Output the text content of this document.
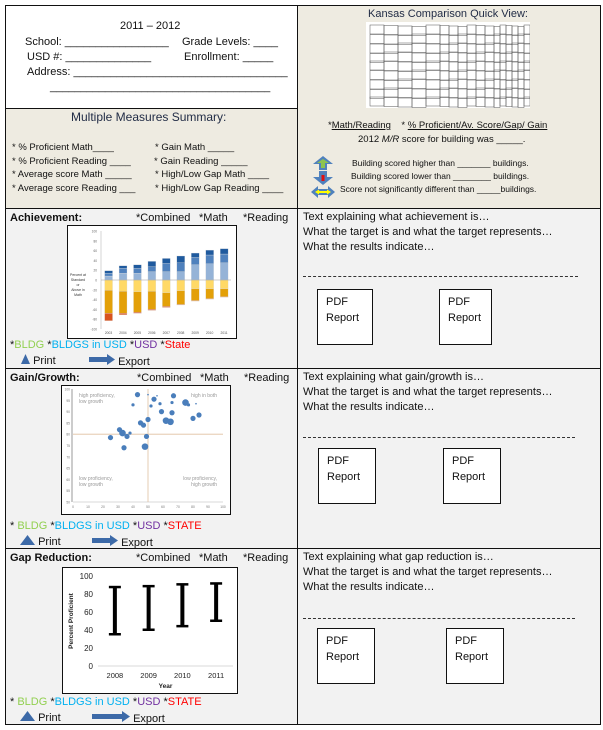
2011 – 2012
School: _________________ Grade Levels: ____
USD #: ______________	Enrollment: _____
Address: ___________________________________
____________________________________
Multiple Measures Summary:
* % Proficient Math____
* % Proficient Reading ____
* Average score Math _____
* Average score Reading ___
* Gain Math _____
* Gain Reading _____
* High/Low Gap Math ____
* High/Low Gap Reading ____
Kansas Comparison Quick View:
*Math/Reading    * % Proficient/Av. Score/Gap/ Gain
2012 M/R score for building was _____.
Building scored higher than _______ buildings.
Building scored lower than ________ buildings.
Score not significantly different than _____buildings.
Achievement:	*Combined *Math *Reading
100
80
60
40
20
0
-20
-40
-60
-80
-100
Percent at Standard or Above in Math
2003 2004 2005 2006 2007 2008 2009 2010 2011
*BLDG *BLDGS in USD *USD *State
Print	Export
Text explaining what achievement is…
What the target is and what the target represents…
What the results indicate…
PDF
Report
PDF
Report
Gain/Growth:	*Combined *Math *Reading
50
55
60
65
70
75
80
85
90
95
100
0	10	20	30	40	50	60	70	80	90	100
high proficiency, low growth
high in both
low proficiency, low growth
low proficiency, high growth
* BLDG *BLDGS in USD *USD *STATE
Print	Export
Text explaining what gain/growth is…
What the target is and what the target represents…
What the results indicate…
PDF
Report
PDF
Report
Gap Reduction:	*Combined *Math *Reading
0
20
40
60
80
100
Percent Proficient
Year
2008 2009 2010 2011
* BLDG *BLDGS in USD *USD *STATE
Print	Export
Text explaining what gap reduction is…
What the target is and what the target represents…
What the results indicate…
PDF
Report
PDF
Report
